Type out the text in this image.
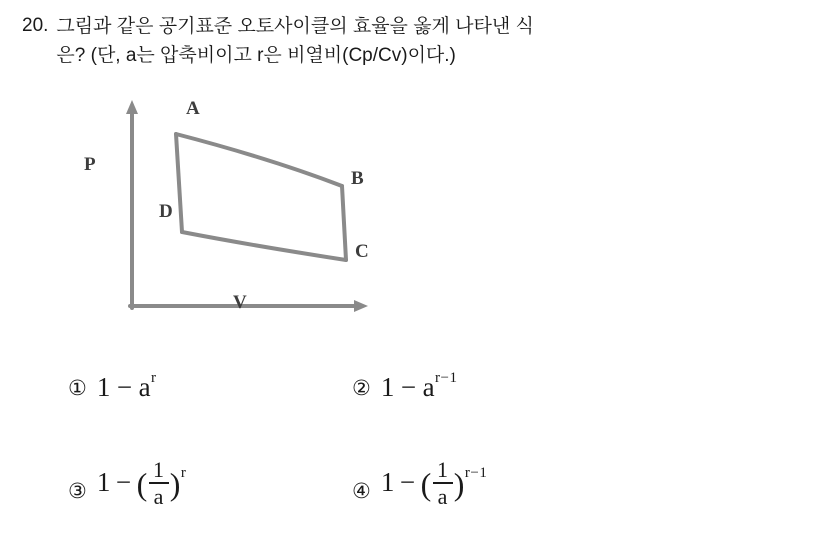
20. 그림과 같은 공기표준 오토사이클의 효율을 옳게 나타낸 식
은? (단, a는 압축비이고 r은 비열비(Cp/Cv)이다.)
P
V
A
B
C
D
① 1 − a r	② 1 − a r−1
③ 1 − ( $\frac{1}{a}$ ) r
④ 1 − ( $\frac{1}{a}$ ) r−1
